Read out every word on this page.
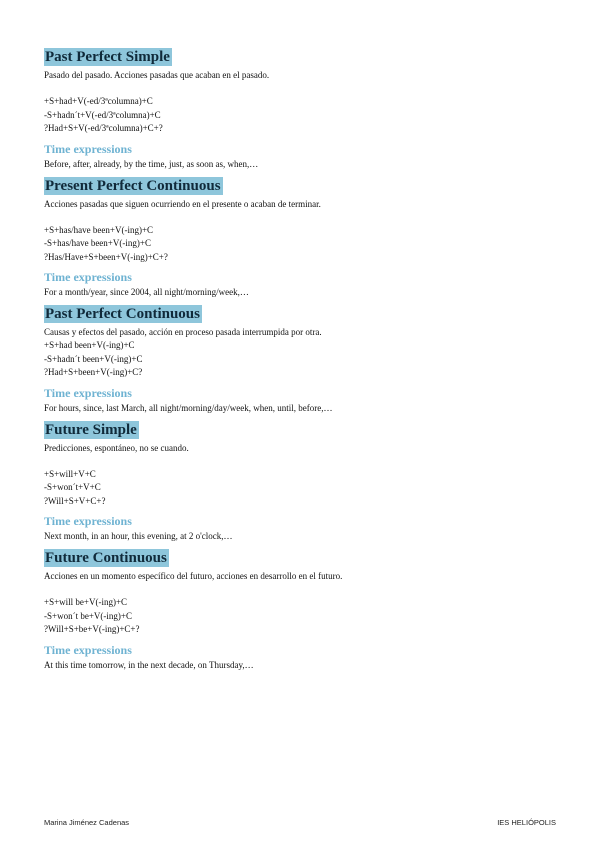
Past Perfect Simple

Pasado del pasado. Acciones pasadas que acaban en el pasado.

+S+had+V(-ed/3ªcolumna)+C
-S+hadn´t+V(-ed/3ªcolumna)+C
?Had+S+V(-ed/3ªcolumna)+C+?
Time expressions

Before, after, already, by the time, just, as soon as, when,…

Present Perfect Continuous

Acciones pasadas que siguen ocurriendo en el presente o acaban de terminar.

+S+has/have been+V(-ing)+C
-S+has/have been+V(-ing)+C
?Has/Have+S+been+V(-ing)+C+?
Time expressions

For a month/year, since 2004, all night/morning/week,…

Past Perfect Continuous

Causas y efectos del pasado, acción en proceso pasada interrumpida por otra.

+S+had been+V(-ing)+C
-S+hadn´t been+V(-ing)+C
?Had+S+been+V(-ing)+C?
Time expressions

For hours, since, last March, all night/morning/day/week, when, until, before,…

Future Simple

Predicciones, espontáneo, no se cuando.

+S+will+V+C
-S+won´t+V+C
?Will+S+V+C+?
Time expressions

Next month, in an hour, this evening, at 2 o'clock,…

Future Continuous

Acciones en un momento específico del futuro, acciones en desarrollo en el futuro.

+S+will be+V(-ing)+C
-S+won´t be+V(-ing)+C
?Will+S+be+V(-ing)+C+?
Time expressions

At this time tomorrow, in the next decade, on Thursday,…

Marina Jiménez Cadenas	IES HELIÓPOLIS
